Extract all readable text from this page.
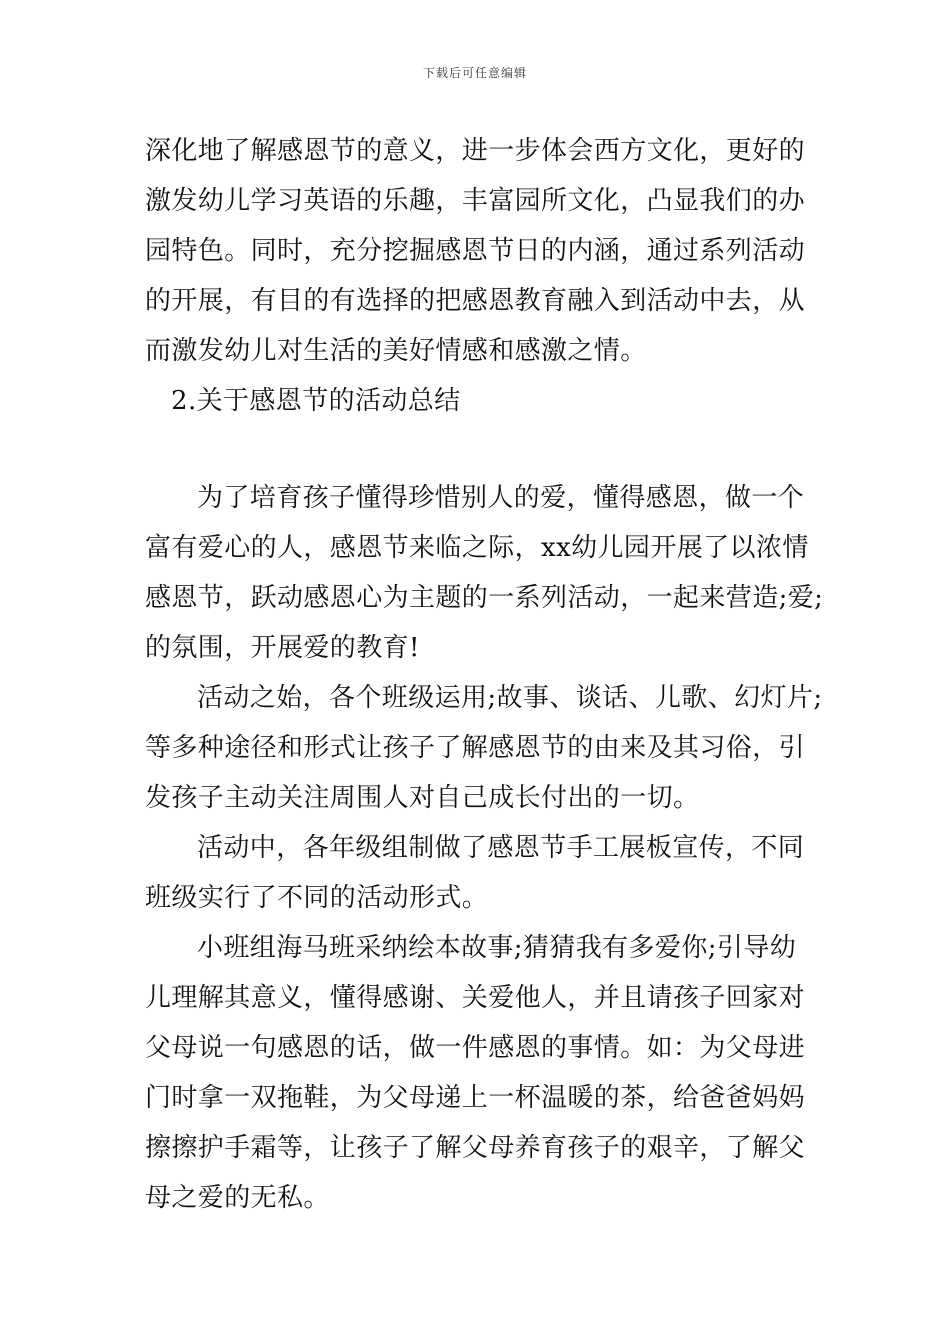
下载后可任意编辑
深化地了解感恩节的意义，进一步体会西方文化，更好的
激发幼儿学习英语的乐趣，丰富园所文化，凸显我们的办
园特色。同时，充分挖掘感恩节日的内涵，通过系列活动
的开展，有目的有选择的把感恩教育融入到活动中去，从
而激发幼儿对生活的美好情感和感激之情。
2.关于感恩节的活动总结
为了培育孩子懂得珍惜别人的爱，懂得感恩，做一个
富有爱心的人，感恩节来临之际，xx幼儿园开展了以浓情
感恩节，跃动感恩心为主题的一系列活动，一起来营造;爱;
的氛围，开展爱的教育!
活动之始，各个班级运用;故事、谈话、儿歌、幻灯片;
等多种途径和形式让孩子了解感恩节的由来及其习俗，引
发孩子主动关注周围人对自己成长付出的一切。
活动中，各年级组制做了感恩节手工展板宣传，不同
班级实行了不同的活动形式。
小班组海马班采纳绘本故事;猜猜我有多爱你;引导幼
儿理解其意义，懂得感谢、关爱他人，并且请孩子回家对
父母说一句感恩的话，做一件感恩的事情。如：为父母进
门时拿一双拖鞋，为父母递上一杯温暖的茶，给爸爸妈妈
擦擦护手霜等，让孩子了解父母养育孩子的艰辛，了解父
母之爱的无私。
